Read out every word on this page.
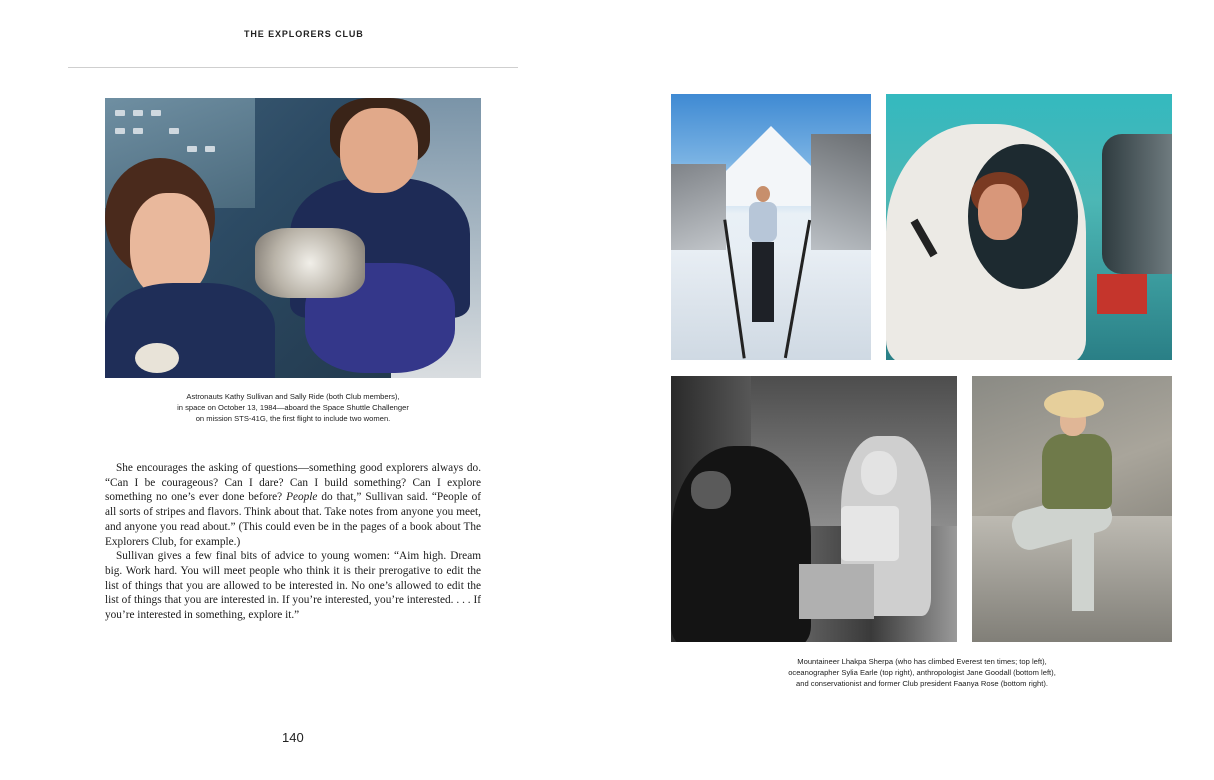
THE EXPLORERS CLUB
Astronauts Kathy Sullivan and Sally Ride (both Club members),
in space on October 13, 1984—aboard the Space Shuttle Challenger
on mission STS-41G, the first flight to include two women.

She encourages the asking of questions—something good explorers always do. “Can I be courageous? Can I dare? Can I build something? Can I explore something no one’s ever done before? People do that,” Sullivan said. “People of all sorts of stripes and flavors. Think about that. Take notes from anyone you meet, and anyone you read about.” (This could even be in the pages of a book about The Explorers Club, for example.)

Sullivan gives a few final bits of advice to young women: “Aim high. Dream big. Work hard. You will meet people who think it is their prerogative to edit the list of things that you are allowed to be interested in. No one’s allowed to edit the list of things that you are interested in. If you’re interested, you’re interested. . . . If you’re interested in something, explore it.”

140
Mountaineer Lhakpa Sherpa (who has climbed Everest ten times; top left),
oceanographer Sylia Earle (top right), anthropologist Jane Goodall (bottom left),
and conservationist and former Club president Faanya Rose (bottom right).
